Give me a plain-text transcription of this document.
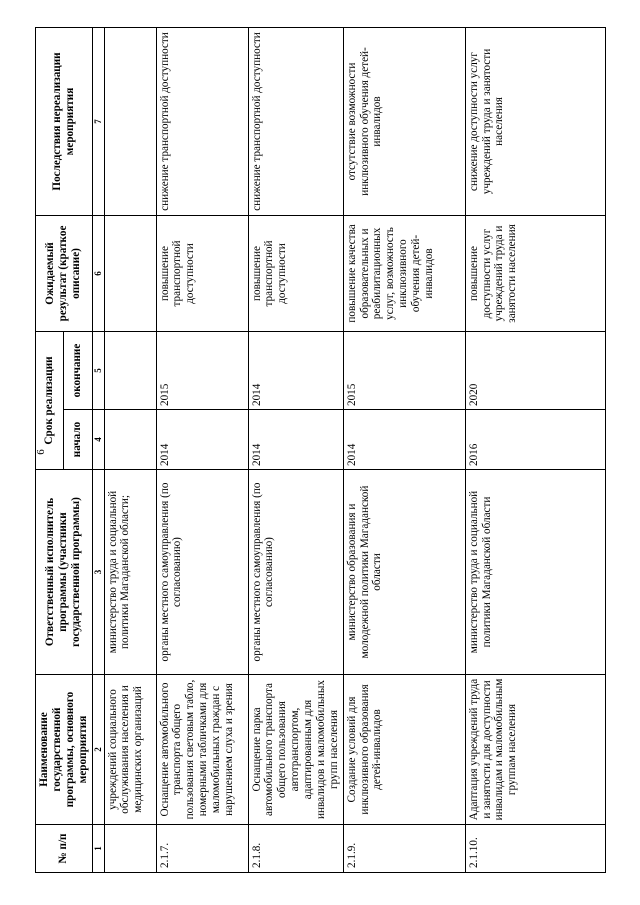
6
№ п/п	Наименование государственной программы, основного мероприятия	Ответственный исполнитель программы (участники государственной программы)	Срок реализации		Ожидаемый результат (краткое описание)	Последствия нереализации мероприятия
			начало	окончание		
1	2	3	4	5	6	7
	учреждений социального обслуживания населения и медицинских организаций	министерство труда и социальной политики Магаданской области;				
2.1.7.	Оснащение автомобильного транспорта общего пользования световым табло, номерными табличками для маломобильных граждан с нарушением слуха и зрения	органы местного самоуправления (по согласованию)	2014	2015	повышение транспортной доступности	снижение транспортной доступности
2.1.8.	Оснащение парка автомобильного транспорта общего пользования автотранспортом, адаптированным для инвалидов и маломобильных групп населения	органы местного самоуправления (по согласованию)	2014	2014	повышение транспортной доступности	снижение транспортной доступности
2.1.9.	Создание условий для инклюзивного образования детей-инвалидов	министерство образования и молодежной политики Магаданской области	2014	2015	повышение качества образовательных и реабилитационных услуг, возможность инклюзивного обучения детей-инвалидов	отсутствие возможности инклюзивного обучения детей-инвалидов
2.1.10.	Адаптация учреждений труда и занятости для доступности инвалидам и маломобильным группам населения	министерство труда и социальной политики Магаданской области	2016	2020	повышение доступности услуг учреждений труда и занятости населения	снижение доступности услуг учреждений труда и занятости населения
